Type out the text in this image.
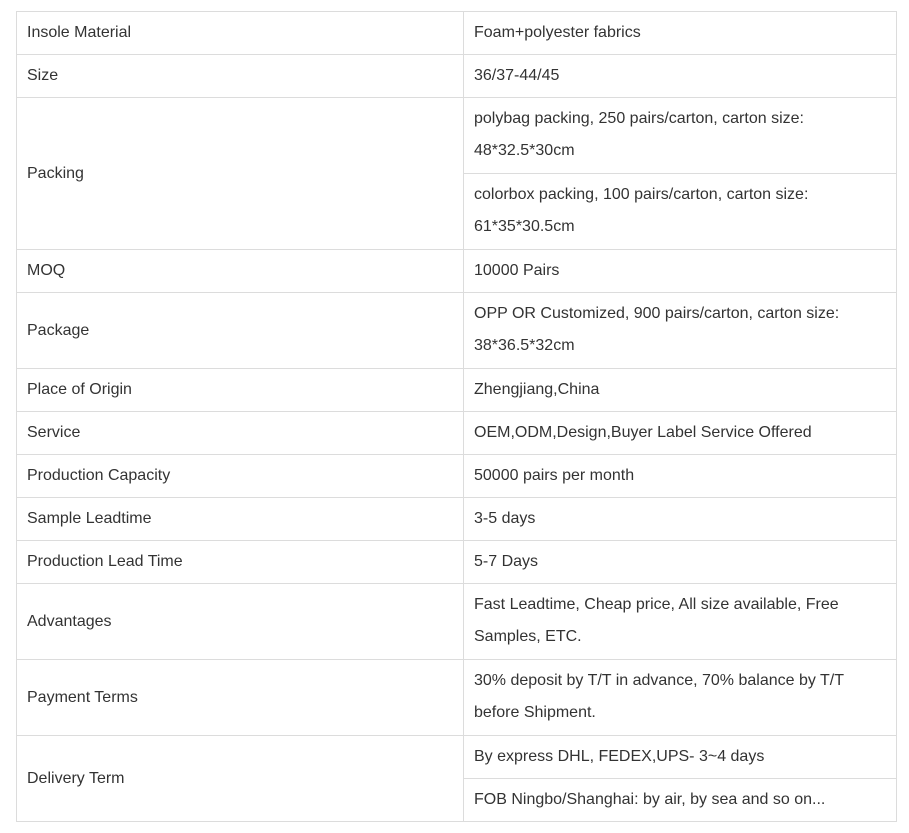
Insole Material	Foam+polyester fabrics
Size	36/37-44/45
Packing	polybag packing, 250 pairs/carton, carton size: 48*32.5*30cm
	colorbox packing, 100 pairs/carton, carton size: 61*35*30.5cm
MOQ	10000 Pairs
Package	OPP OR Customized, 900 pairs/carton, carton size: 38*36.5*32cm
Place of Origin	Zhengjiang,China
Service	OEM,ODM,Design,Buyer Label Service Offered
Production Capacity	50000 pairs per month
Sample Leadtime	3-5 days
Production Lead Time	5-7 Days
Advantages	Fast Leadtime, Cheap price, All size available, Free Samples, ETC.
Payment Terms	30% deposit by T/T in advance, 70% balance by T/T before Shipment.
Delivery Term	By express DHL, FEDEX,UPS- 3~4 days
	FOB Ningbo/Shanghai: by air, by sea and so on...
